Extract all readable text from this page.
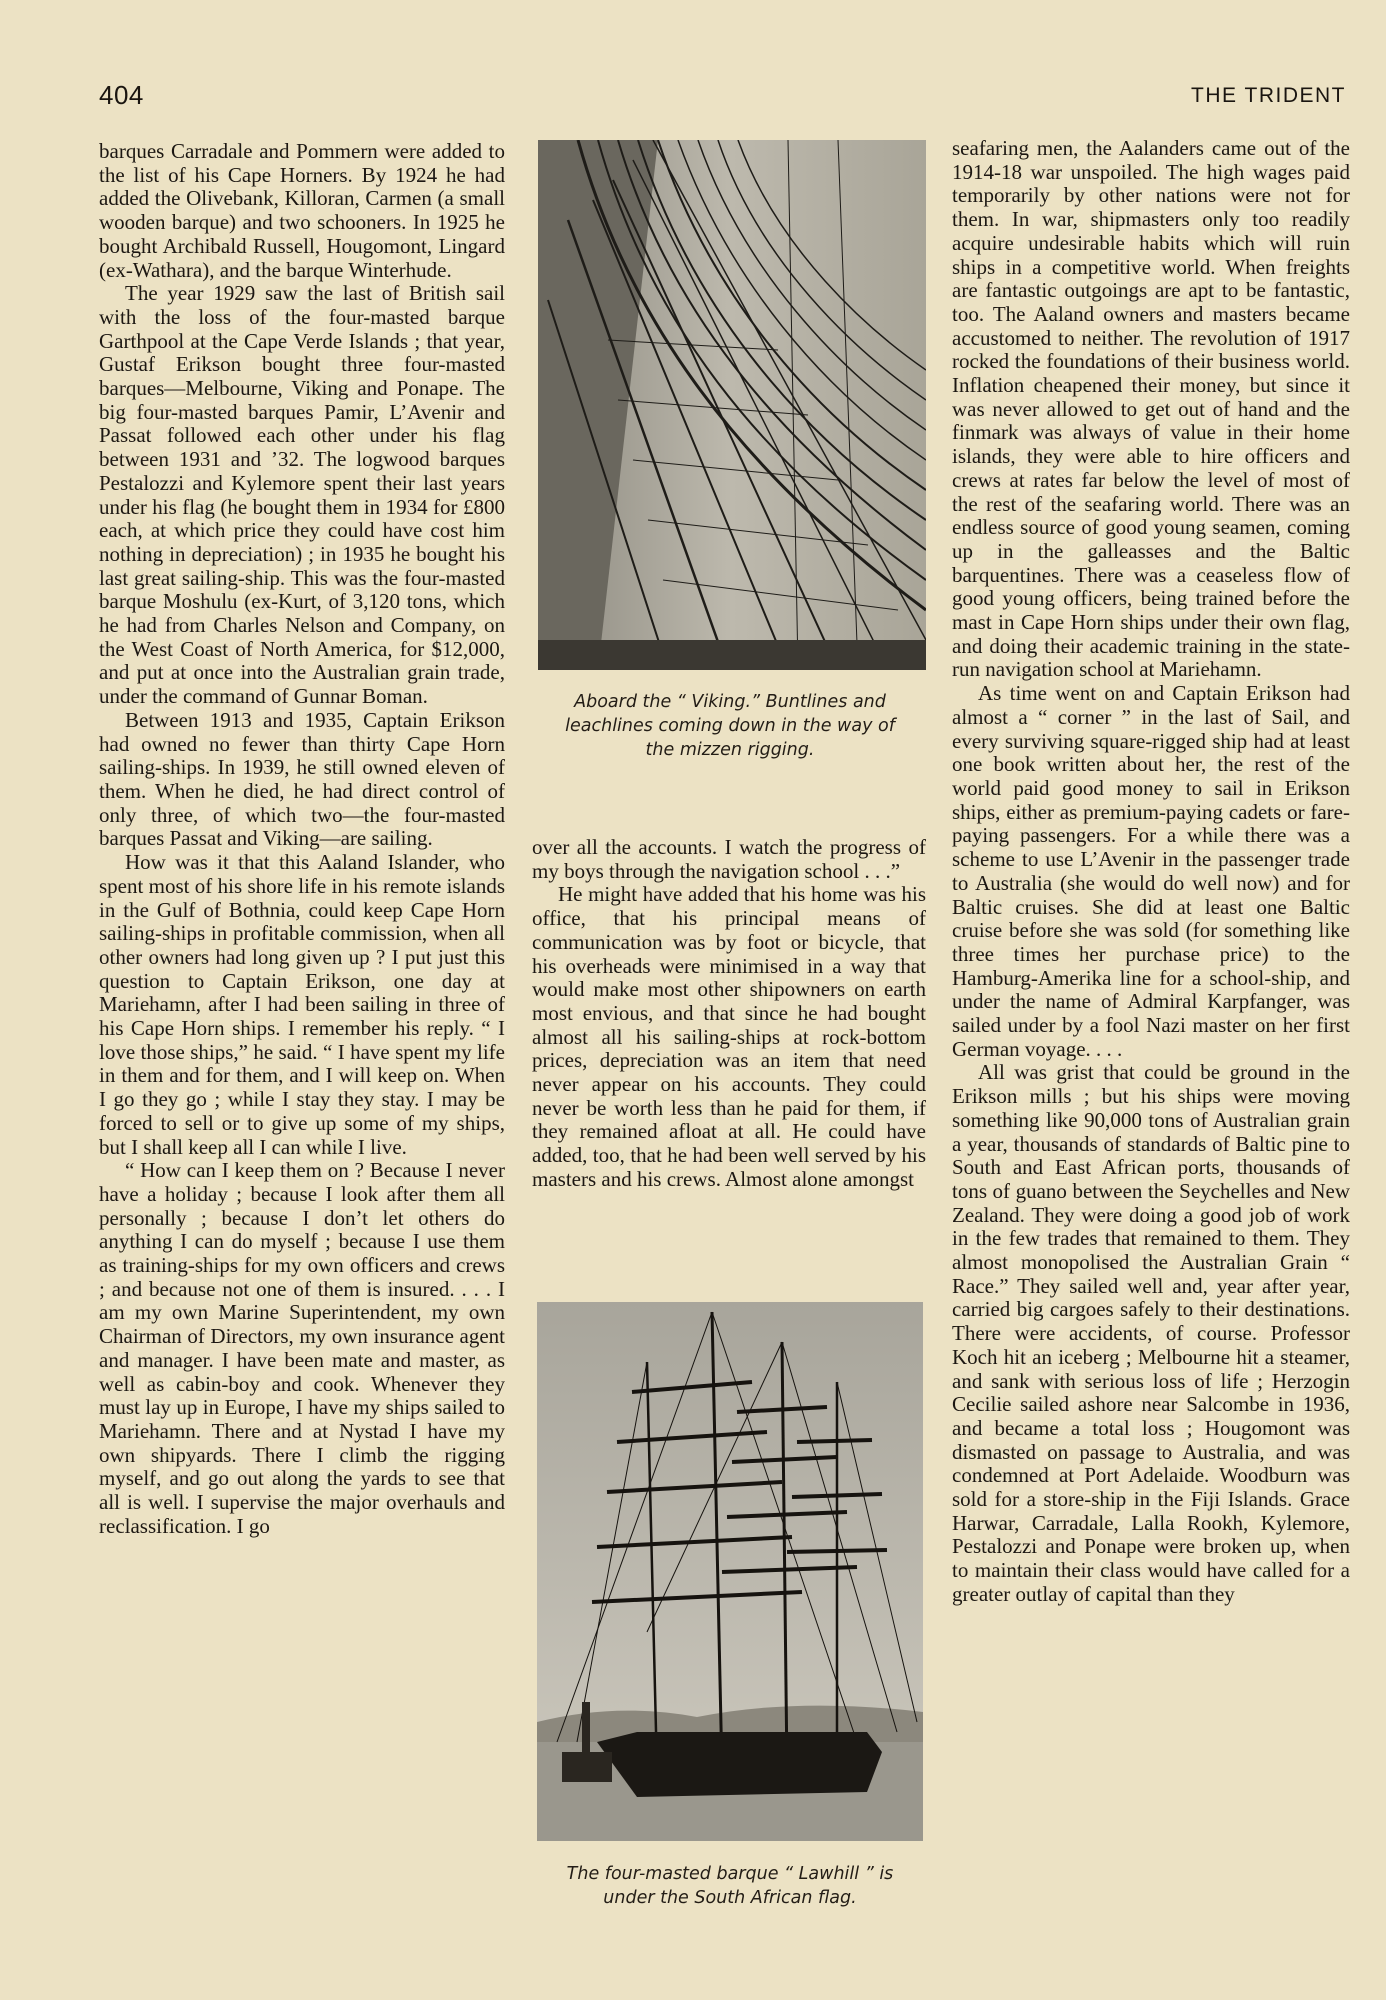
404	THE TRIDENT

barques Carradale and Pommern were added to the list of his Cape Horners. By 1924 he had added the Olivebank, Killoran, Carmen (a small wooden barque) and two schooners. In 1925 he bought Archibald Russell, Hougomont, Lingard (ex-Wathara), and the barque Winterhude.

The year 1929 saw the last of British sail with the loss of the four-masted barque Garthpool at the Cape Verde Islands ; that year, Gustaf Erikson bought three four-masted barques—Melbourne, Viking and Ponape. The big four-masted barques Pamir, L’Avenir and Passat followed each other under his flag between 1931 and ’32. The logwood barques Pestalozzi and Kylemore spent their last years under his flag (he bought them in 1934 for £800 each, at which price they could have cost him nothing in depreciation) ; in 1935 he bought his last great sailing-ship. This was the four-masted barque Moshulu (ex-Kurt, of 3,120 tons, which he had from Charles Nelson and Company, on the West Coast of North America, for $12,000, and put at once into the Australian grain trade, under the command of Gunnar Boman.

Between 1913 and 1935, Captain Erikson had owned no fewer than thirty Cape Horn sailing-ships. In 1939, he still owned eleven of them. When he died, he had direct control of only three, of which two—the four-masted barques Passat and Viking—are sailing.

How was it that this Aaland Islander, who spent most of his shore life in his remote islands in the Gulf of Bothnia, could keep Cape Horn sailing-ships in profitable commission, when all other owners had long given up ? I put just this question to Captain Erikson, one day at Mariehamn, after I had been sailing in three of his Cape Horn ships. I remember his reply. “ I love those ships,” he said. “ I have spent my life in them and for them, and I will keep on. When I go they go ; while I stay they stay. I may be forced to sell or to give up some of my ships, but I shall keep all I can while I live.

“ How can I keep them on ? Because I never have a holiday ; because I look after them all personally ; because I don’t let others do anything I can do myself ; because I use them as training-ships for my own officers and crews ; and because not one of them is insured. . . . I am my own Marine Superintendent, my own Chairman of Directors, my own insurance agent and manager. I have been mate and master, as well as cabin-boy and cook. Whenever they must lay up in Europe, I have my ships sailed to Mariehamn. There and at Nystad I have my own shipyards. There I climb the rigging myself, and go out along the yards to see that all is well. I supervise the major overhauls and reclassification. I go

Aboard the “ Viking.” Buntlines and leachlines coming down in the way of the mizzen rigging.

over all the accounts. I watch the progress of my boys through the navigation school . . .”

He might have added that his home was his office, that his principal means of communication was by foot or bicycle, that his overheads were minimised in a way that would make most other shipowners on earth most envious, and that since he had bought almost all his sailing-ships at rock-bottom prices, depreciation was an item that need never appear on his accounts. They could never be worth less than he paid for them, if they remained afloat at all. He could have added, too, that he had been well served by his masters and his crews. Almost alone amongst

The four-masted barque “ Lawhill ” is under the South African flag.

seafaring men, the Aalanders came out of the 1914-18 war unspoiled. The high wages paid temporarily by other nations were not for them. In war, shipmasters only too readily acquire undesirable habits which will ruin ships in a competitive world. When freights are fantastic outgoings are apt to be fantastic, too. The Aaland owners and masters became accustomed to neither. The revolution of 1917 rocked the foundations of their business world. Inflation cheapened their money, but since it was never allowed to get out of hand and the finmark was always of value in their home islands, they were able to hire officers and crews at rates far below the level of most of the rest of the seafaring world. There was an endless source of good young seamen, coming up in the galleasses and the Baltic barquentines. There was a ceaseless flow of good young officers, being trained before the mast in Cape Horn ships under their own flag, and doing their academic training in the state-run navigation school at Mariehamn.

As time went on and Captain Erikson had almost a “ corner ” in the last of Sail, and every surviving square-rigged ship had at least one book written about her, the rest of the world paid good money to sail in Erikson ships, either as premium-paying cadets or fare-paying passengers. For a while there was a scheme to use L’Avenir in the passenger trade to Australia (she would do well now) and for Baltic cruises. She did at least one Baltic cruise before she was sold (for something like three times her purchase price) to the Hamburg-Amerika line for a school-ship, and under the name of Admiral Karpfanger, was sailed under by a fool Nazi master on her first German voyage. . . .

All was grist that could be ground in the Erikson mills ; but his ships were moving something like 90,000 tons of Australian grain a year, thousands of standards of Baltic pine to South and East African ports, thousands of tons of guano between the Seychelles and New Zealand. They were doing a good job of work in the few trades that remained to them. They almost monopolised the Australian Grain “ Race.” They sailed well and, year after year, carried big cargoes safely to their destinations. There were accidents, of course. Professor Koch hit an iceberg ; Melbourne hit a steamer, and sank with serious loss of life ; Herzogin Cecilie sailed ashore near Salcombe in 1936, and became a total loss ; Hougomont was dismasted on passage to Australia, and was condemned at Port Adelaide. Woodburn was sold for a store-ship in the Fiji Islands. Grace Harwar, Carradale, Lalla Rookh, Kylemore, Pestalozzi and Ponape were broken up, when to maintain their class would have called for a greater outlay of capital than they
